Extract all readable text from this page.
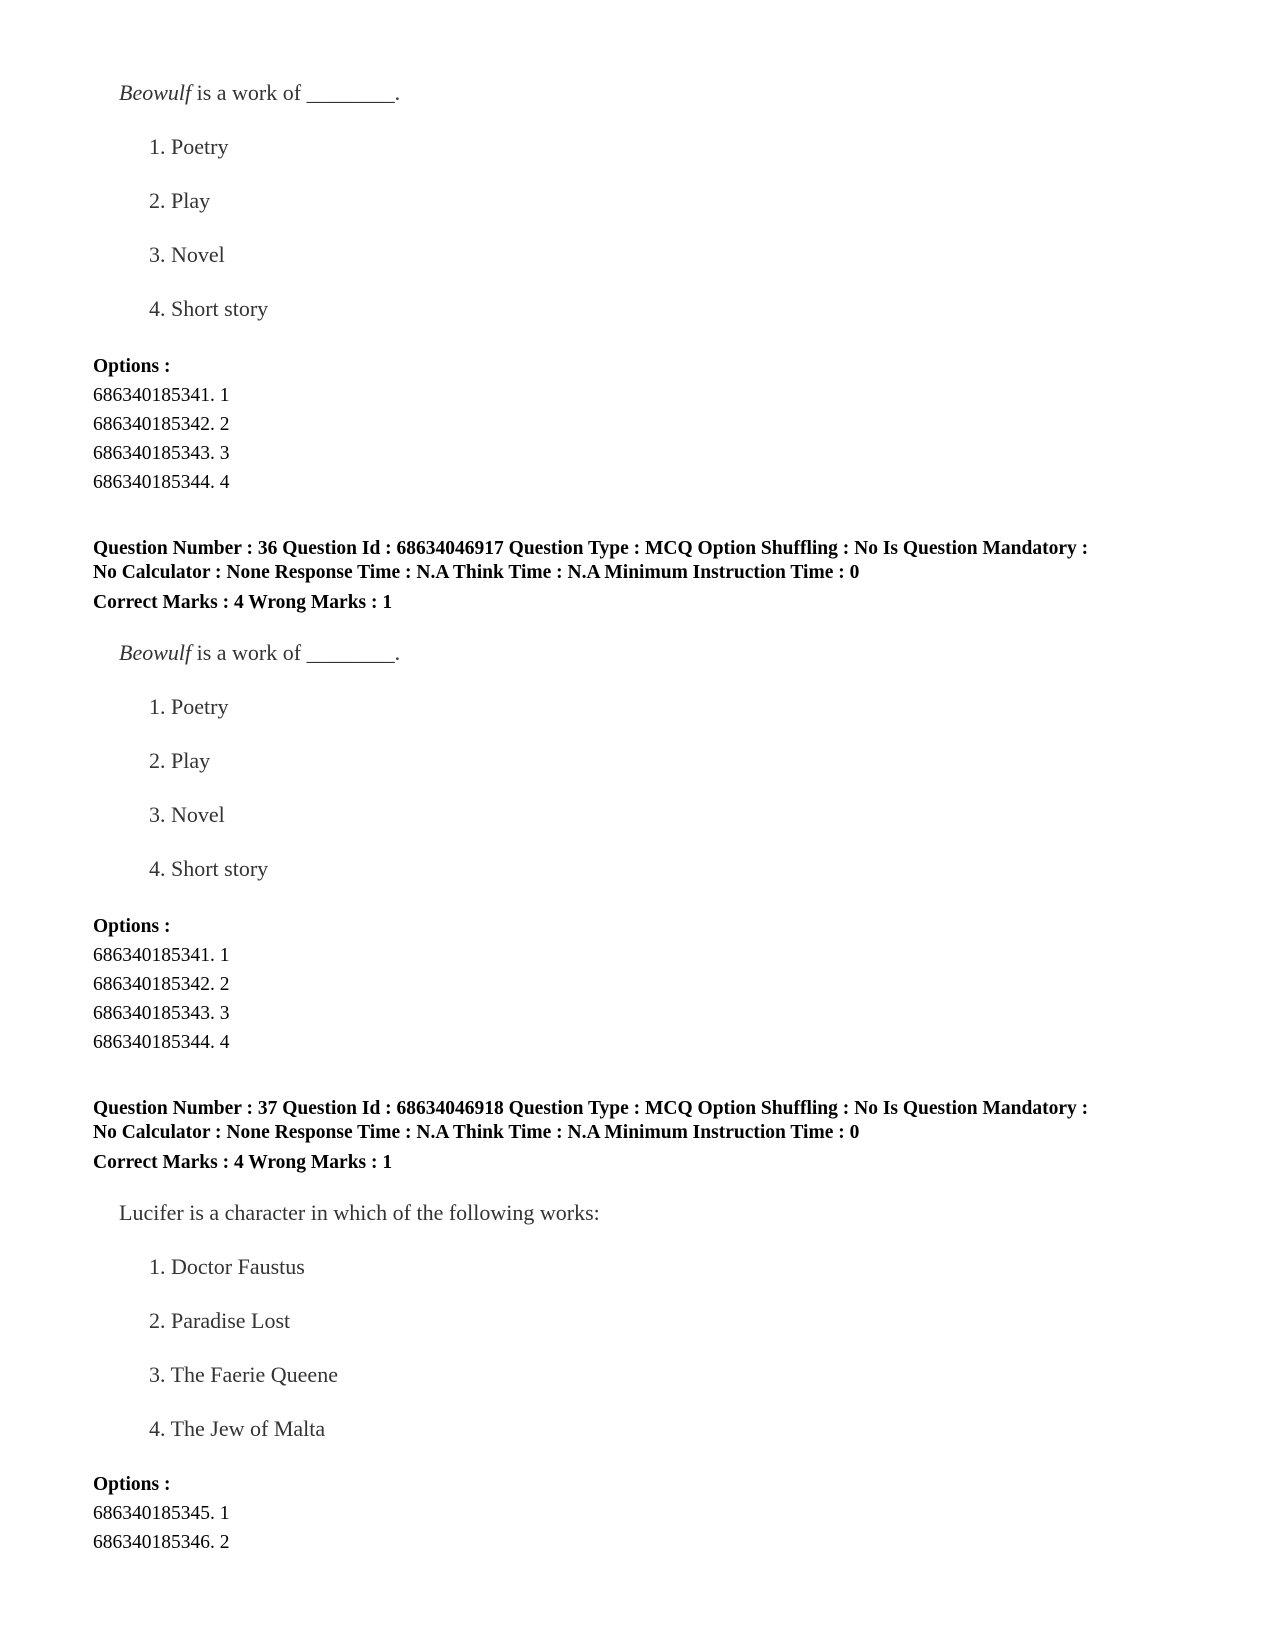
Beowulf is a work of ________.
1. Poetry
2. Play
3. Novel
4. Short story
Options :
686340185341. 1
686340185342. 2
686340185343. 3
686340185344. 4
Question Number : 36 Question Id : 68634046917 Question Type : MCQ Option Shuffling : No Is Question Mandatory :
No Calculator : None Response Time : N.A Think Time : N.A Minimum Instruction Time : 0
Correct Marks : 4 Wrong Marks : 1
Beowulf is a work of ________.
1. Poetry
2. Play
3. Novel
4. Short story
Options :
686340185341. 1
686340185342. 2
686340185343. 3
686340185344. 4
Question Number : 37 Question Id : 68634046918 Question Type : MCQ Option Shuffling : No Is Question Mandatory :
No Calculator : None Response Time : N.A Think Time : N.A Minimum Instruction Time : 0
Correct Marks : 4 Wrong Marks : 1
Lucifer is a character in which of the following works:
1. Doctor Faustus
2. Paradise Lost
3. The Faerie Queene
4. The Jew of Malta
Options :
686340185345. 1
686340185346. 2
